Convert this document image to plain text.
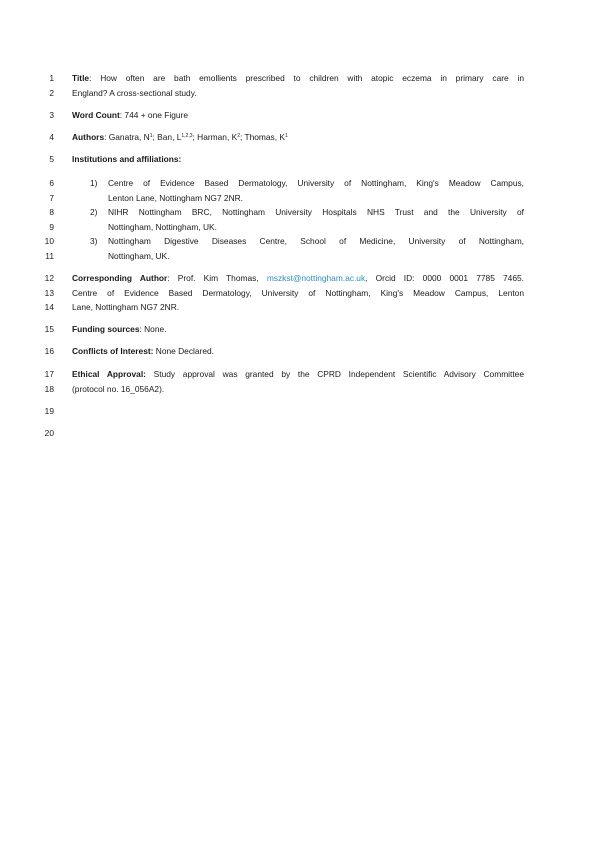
1
2
3
4
5
6
7
8
9
10
11
12
13
14
15
16
17
18
19
20
Title: How often are bath emollients prescribed to children with atopic eczema in primary care in
England? A cross-sectional study.
Word Count: 744 + one Figure
Authors: Ganatra, $N^1$; Ban, L$^{1,2,3}$; Harman, $K^2$; Thomas, $K^1$
Institutions and affiliations:
1)	Centre of Evidence Based Dermatology, University of Nottingham, King's Meadow Campus,
Lenton Lane, Nottingham NG7 2NR.
2)	NIHR Nottingham BRC, Nottingham University Hospitals NHS Trust and the University of
Nottingham, Nottingham, UK.
3)	Nottingham Digestive Diseases Centre, School of Medicine, University of Nottingham,
Nottingham, UK.
Corresponding Author: Prof. Kim Thomas, mszkst@nottingham.ac.uk, Orcid ID: 0000 0001 7785 7465.
Centre of Evidence Based Dermatology, University of Nottingham, King's Meadow Campus, Lenton
Lane, Nottingham NG7 2NR.
Funding sources: None.
Conflicts of Interest: None Declared.
Ethical Approval: Study approval was granted by the CPRD Independent Scientific Advisory Committee
(protocol no. 16_056A2).
